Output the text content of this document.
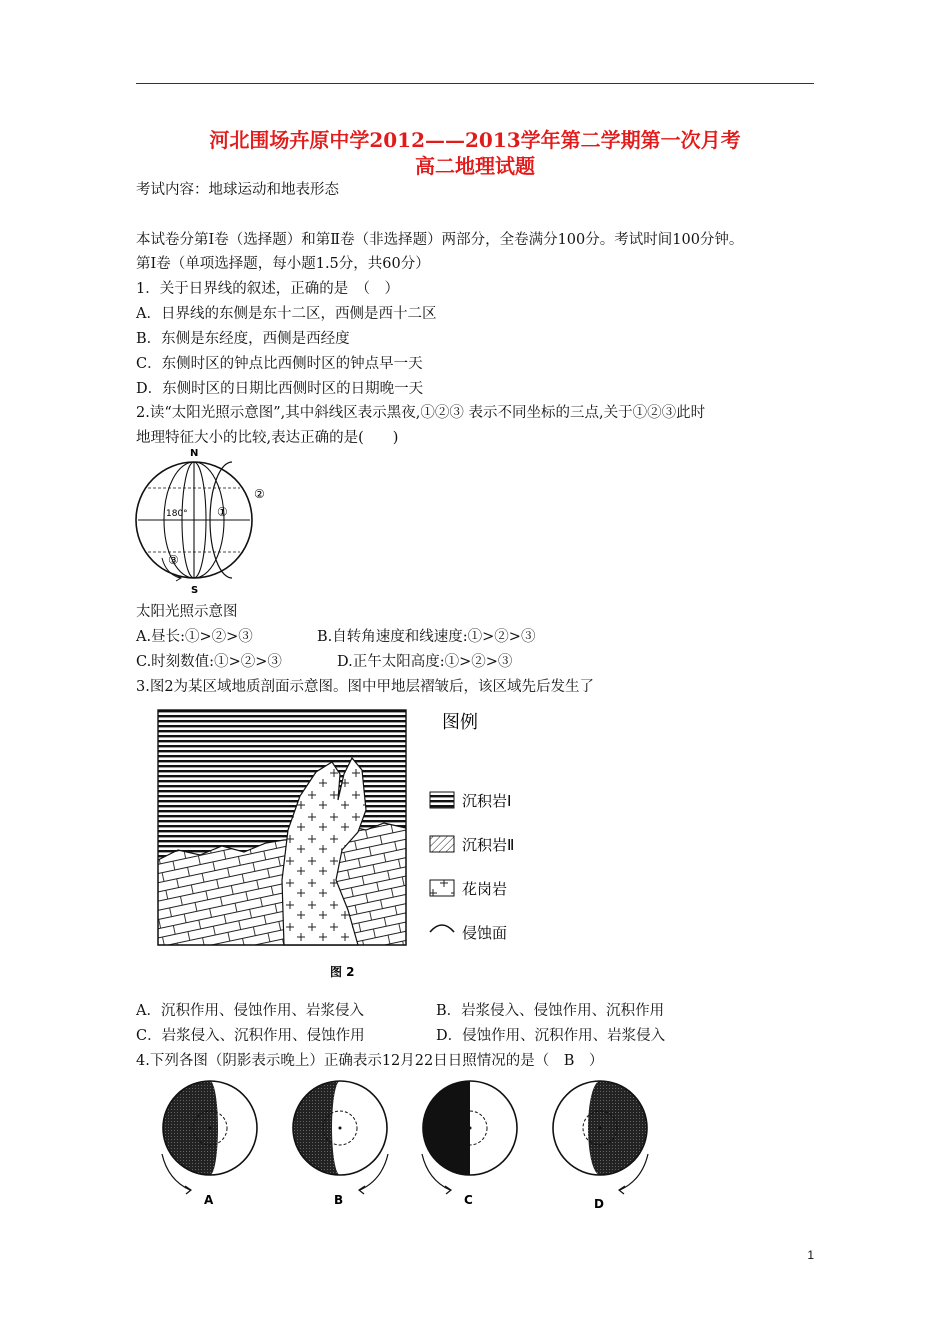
河北围场卉原中学2012——2013学年第二学期第一次月考
高二地理试题
考试内容：地球运动和地表形态
本试卷分第Ⅰ卷（选择题）和第Ⅱ卷（非选择题）两部分，全卷满分100分。考试时间100分钟。
第Ⅰ卷（单项选择题，每小题1.5分，共60分）
1．关于日界线的叙述，正确的是　（　）
A．日界线的东侧是东十二区，西侧是西十二区
B．东侧是东经度，西侧是西经度
C．东侧时区的钟点比西侧时区的钟点早一天
D．东侧时区的日期比西侧时区的日期晚一天
2.读“太阳光照示意图”,其中斜线区表示黑夜,①②③ 表示不同坐标的三点,关于①②③此时
地理特征大小的比较,表达正确的是(　　)
N
S
180° ①
②
③
太阳光照示意图
A.昼长:①>②>③	B.自转角速度和线速度:①>②>③
C.时刻数值:①>②>③	D.正午太阳高度:①>②>③
3.图2为某区域地质剖面示意图。图中甲地层褶皱后，该区域先后发生了
图例
沉积岩Ⅰ
沉积岩Ⅱ
花岗岩
侵蚀面
图 2
A．沉积作用、侵蚀作用、岩浆侵入	B．岩浆侵入、侵蚀作用、沉积作用
C．岩浆侵入、沉积作用、侵蚀作用	D．侵蚀作用、沉积作用、岩浆侵入
4.下列各图（阴影表示晚上）正确表示12月22日日照情况的是（　B　）
A	B	C	D
1
